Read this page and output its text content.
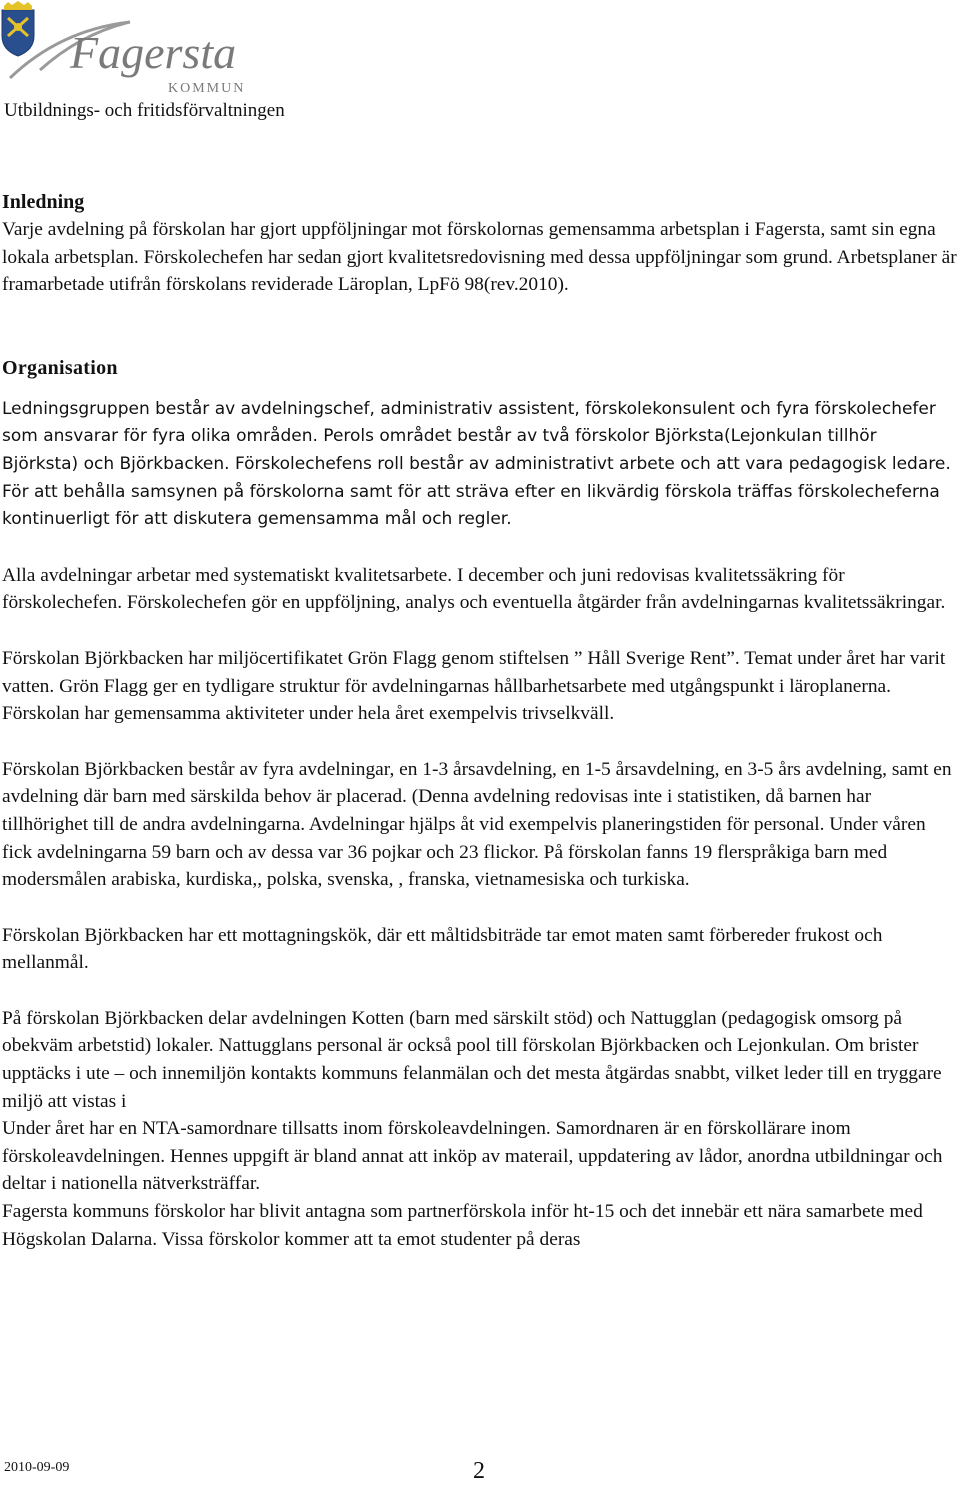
Fagersta
KOMMUN
Utbildnings- och fritidsförvaltningen
Inledning

Varje avdelning på förskolan har gjort uppföljningar mot förskolornas gemensamma arbetsplan i Fagersta, samt sin egna lokala arbetsplan. Förskolechefen har sedan gjort kvalitetsredovisning med dessa uppföljningar som grund. Arbetsplaner är framarbetade utifrån förskolans reviderade Läroplan, LpFö 98(rev.2010).

Organisation

Ledningsgruppen består av avdelningschef, administrativ assistent, förskolekonsulent och fyra förskolechefer som ansvarar för fyra olika områden. Perols området består av två förskolor Björksta(Lejonkulan tillhör Björksta) och Björkbacken. Förskolechefens roll består av administrativt arbete och att vara pedagogisk ledare. För att behålla samsynen på förskolorna samt för att sträva efter en likvärdig förskola träffas förskolecheferna kontinuerligt för att diskutera gemensamma mål och regler.

Alla avdelningar arbetar med systematiskt kvalitetsarbete. I december och juni redovisas kvalitetssäkring för förskolechefen. Förskolechefen gör en uppföljning, analys och eventuella åtgärder från avdelningarnas kvalitetssäkringar.

Förskolan Björkbacken har miljöcertifikatet Grön Flagg genom stiftelsen ” Håll Sverige Rent”. Temat under året har varit vatten. Grön Flagg ger en tydligare struktur för avdelningarnas hållbarhetsarbete med utgångspunkt i läroplanerna. Förskolan har gemensamma aktiviteter under hela året exempelvis trivselkväll.

Förskolan Björkbacken består av fyra avdelningar, en 1-3 årsavdelning, en 1-5 årsavdelning, en 3-5 års avdelning, samt en avdelning där barn med särskilda behov är placerad. (Denna avdelning redovisas inte i statistiken, då barnen har tillhörighet till de andra avdelningarna. Avdelningar hjälps åt vid exempelvis planeringstiden för personal. Under våren fick avdelningarna 59 barn och av dessa var 36 pojkar och 23 flickor. På förskolan fanns 19 flerspråkiga barn med modersmålen arabiska, kurdiska,, polska, svenska, , franska, vietnamesiska och turkiska.

Förskolan Björkbacken har ett mottagningskök, där ett måltidsbiträde tar emot maten samt förbereder frukost och mellanmål.

På förskolan Björkbacken delar avdelningen Kotten (barn med särskilt stöd) och Nattugglan (pedagogisk omsorg på obekväm arbetstid) lokaler. Nattugglans personal är också pool till förskolan Björkbacken och Lejonkulan. Om brister upptäcks i ute – och innemiljön kontakts kommuns felanmälan och det mesta åtgärdas snabbt, vilket leder till en tryggare miljö att vistas i

Under året har en NTA-samordnare tillsatts inom förskoleavdelningen. Samordnaren är en förskollärare inom förskoleavdelningen. Hennes uppgift är bland annat att inköp av materail, uppdatering av lådor, anordna utbildningar och deltar i nationella nätverksträffar.

Fagersta kommuns förskolor har blivit antagna som partnerförskola inför ht-15 och det innebär ett nära samarbete med Högskolan Dalarna. Vissa förskolor kommer att ta emot studenter på deras

2010-09-09	2
